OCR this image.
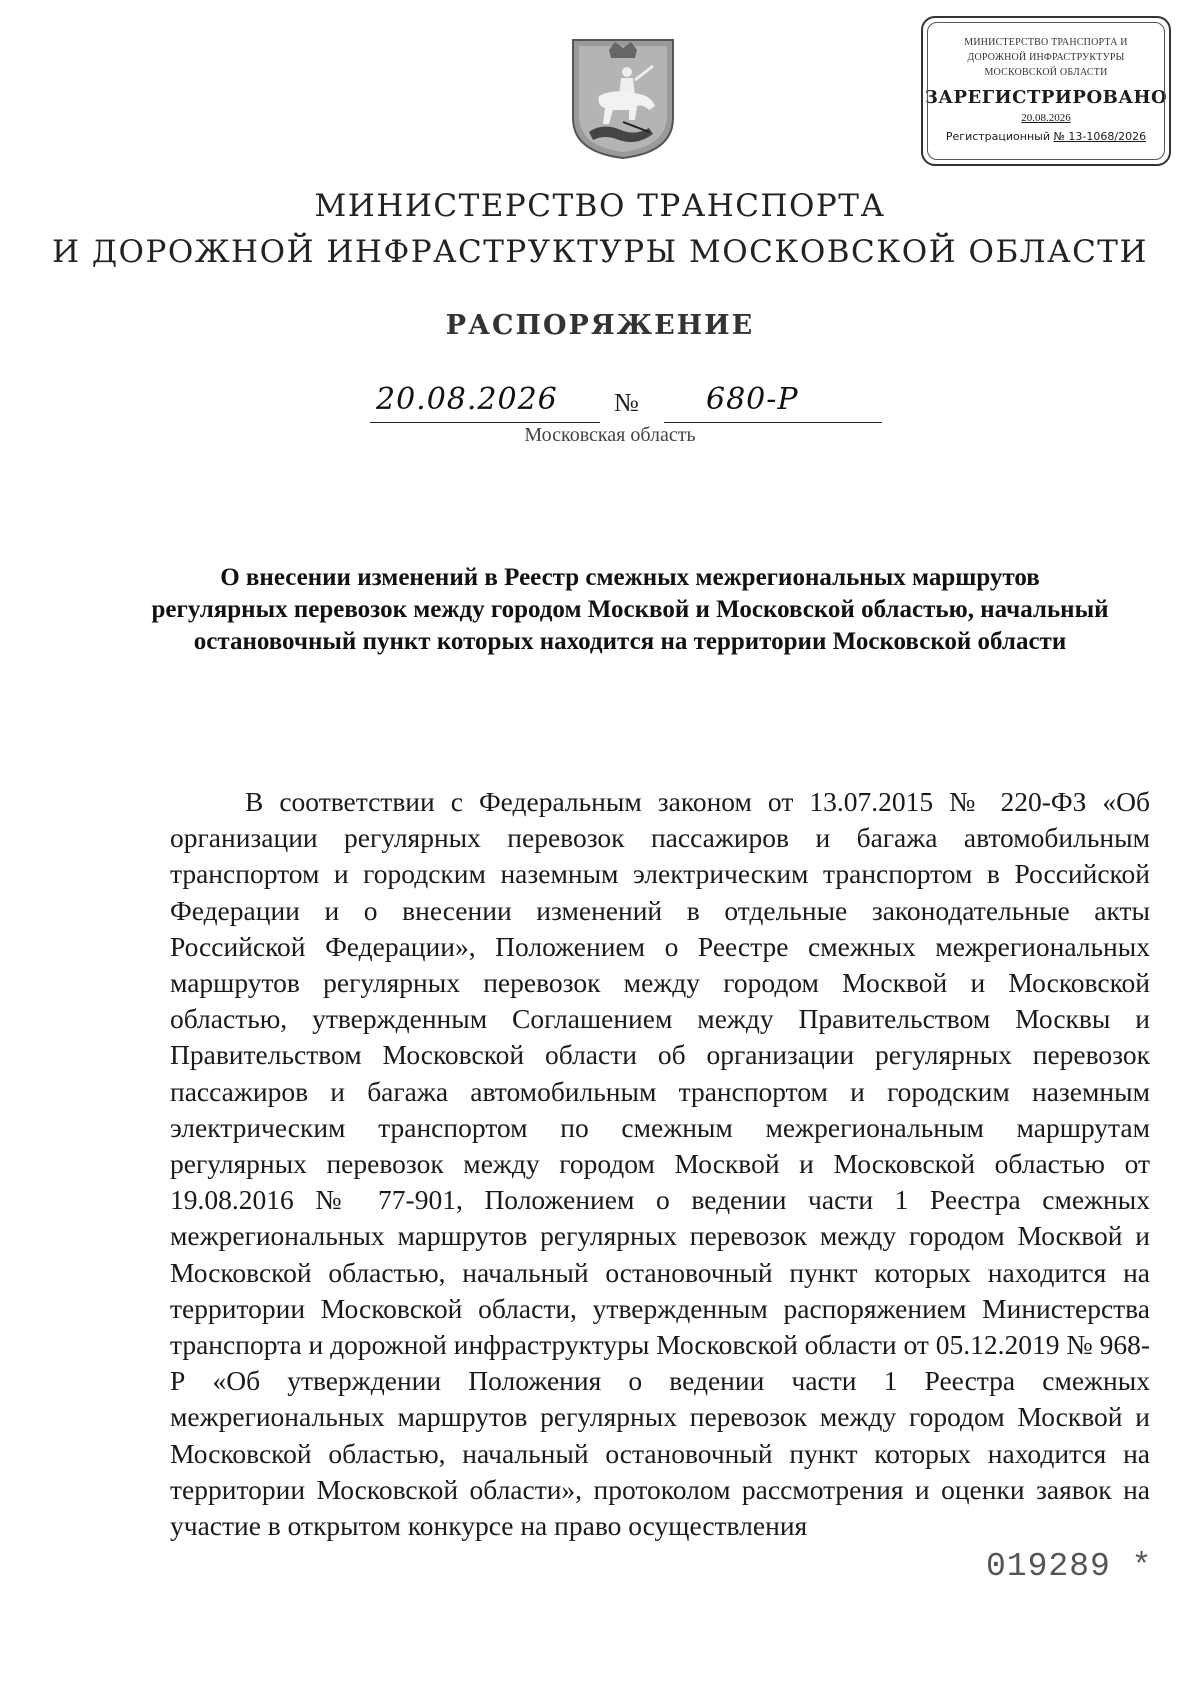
МИНИСТЕРСТВО ТРАНСПОРТА И
ДОРОЖНОЙ ИНФРАСТРУКТУРЫ
МОСКОВСКОЙ ОБЛАСТИ
ЗАРЕГИСТРИРОВАНО
20.08.2026
Регистрационный № 13-1068/2026
МИНИСТЕРСТВО ТРАНСПОРТА
И ДОРОЖНОЙ ИНФРАСТРУКТУРЫ МОСКОВСКОЙ ОБЛАСТИ
РАСПОРЯЖЕНИЕ
20.08.2026 № 680-Р
Московская область
О внесении изменений в Реестр смежных межрегиональных маршрутов регулярных перевозок между городом Москвой и Московской областью, начальный остановочный пункт которых находится на территории Московской области
В соответствии с Федеральным законом от 13.07.2015 № 220-ФЗ «Об организации регулярных перевозок пассажиров и багажа автомобильным транспортом и городским наземным электрическим транспортом в Российской Федерации и о внесении изменений в отдельные законодательные акты Российской Федерации», Положением о Реестре смежных межрегиональных маршрутов регулярных перевозок между городом Москвой и Московской областью, утвержденным Соглашением между Правительством Москвы и Правительством Московской области об организации регулярных перевозок пассажиров и багажа автомобильным транспортом и городским наземным электрическим транспортом по смежным межрегиональным маршрутам регулярных перевозок между городом Москвой и Московской областью от 19.08.2016 № 77-901, Положением о ведении части 1 Реестра смежных межрегиональных маршрутов регулярных перевозок между городом Москвой и Московской областью, начальный остановочный пункт которых находится на территории Московской области, утвержденным распоряжением Министерства транспорта и дорожной инфраструктуры Московской области от 05.12.2019 № 968-Р «Об утверждении Положения о ведении части 1 Реестра смежных межрегиональных маршрутов регулярных перевозок между городом Москвой и Московской областью, начальный остановочный пункт которых находится на территории Московской области», протоколом рассмотрения и оценки заявок на участие в открытом конкурсе на право осуществления
019289 *
